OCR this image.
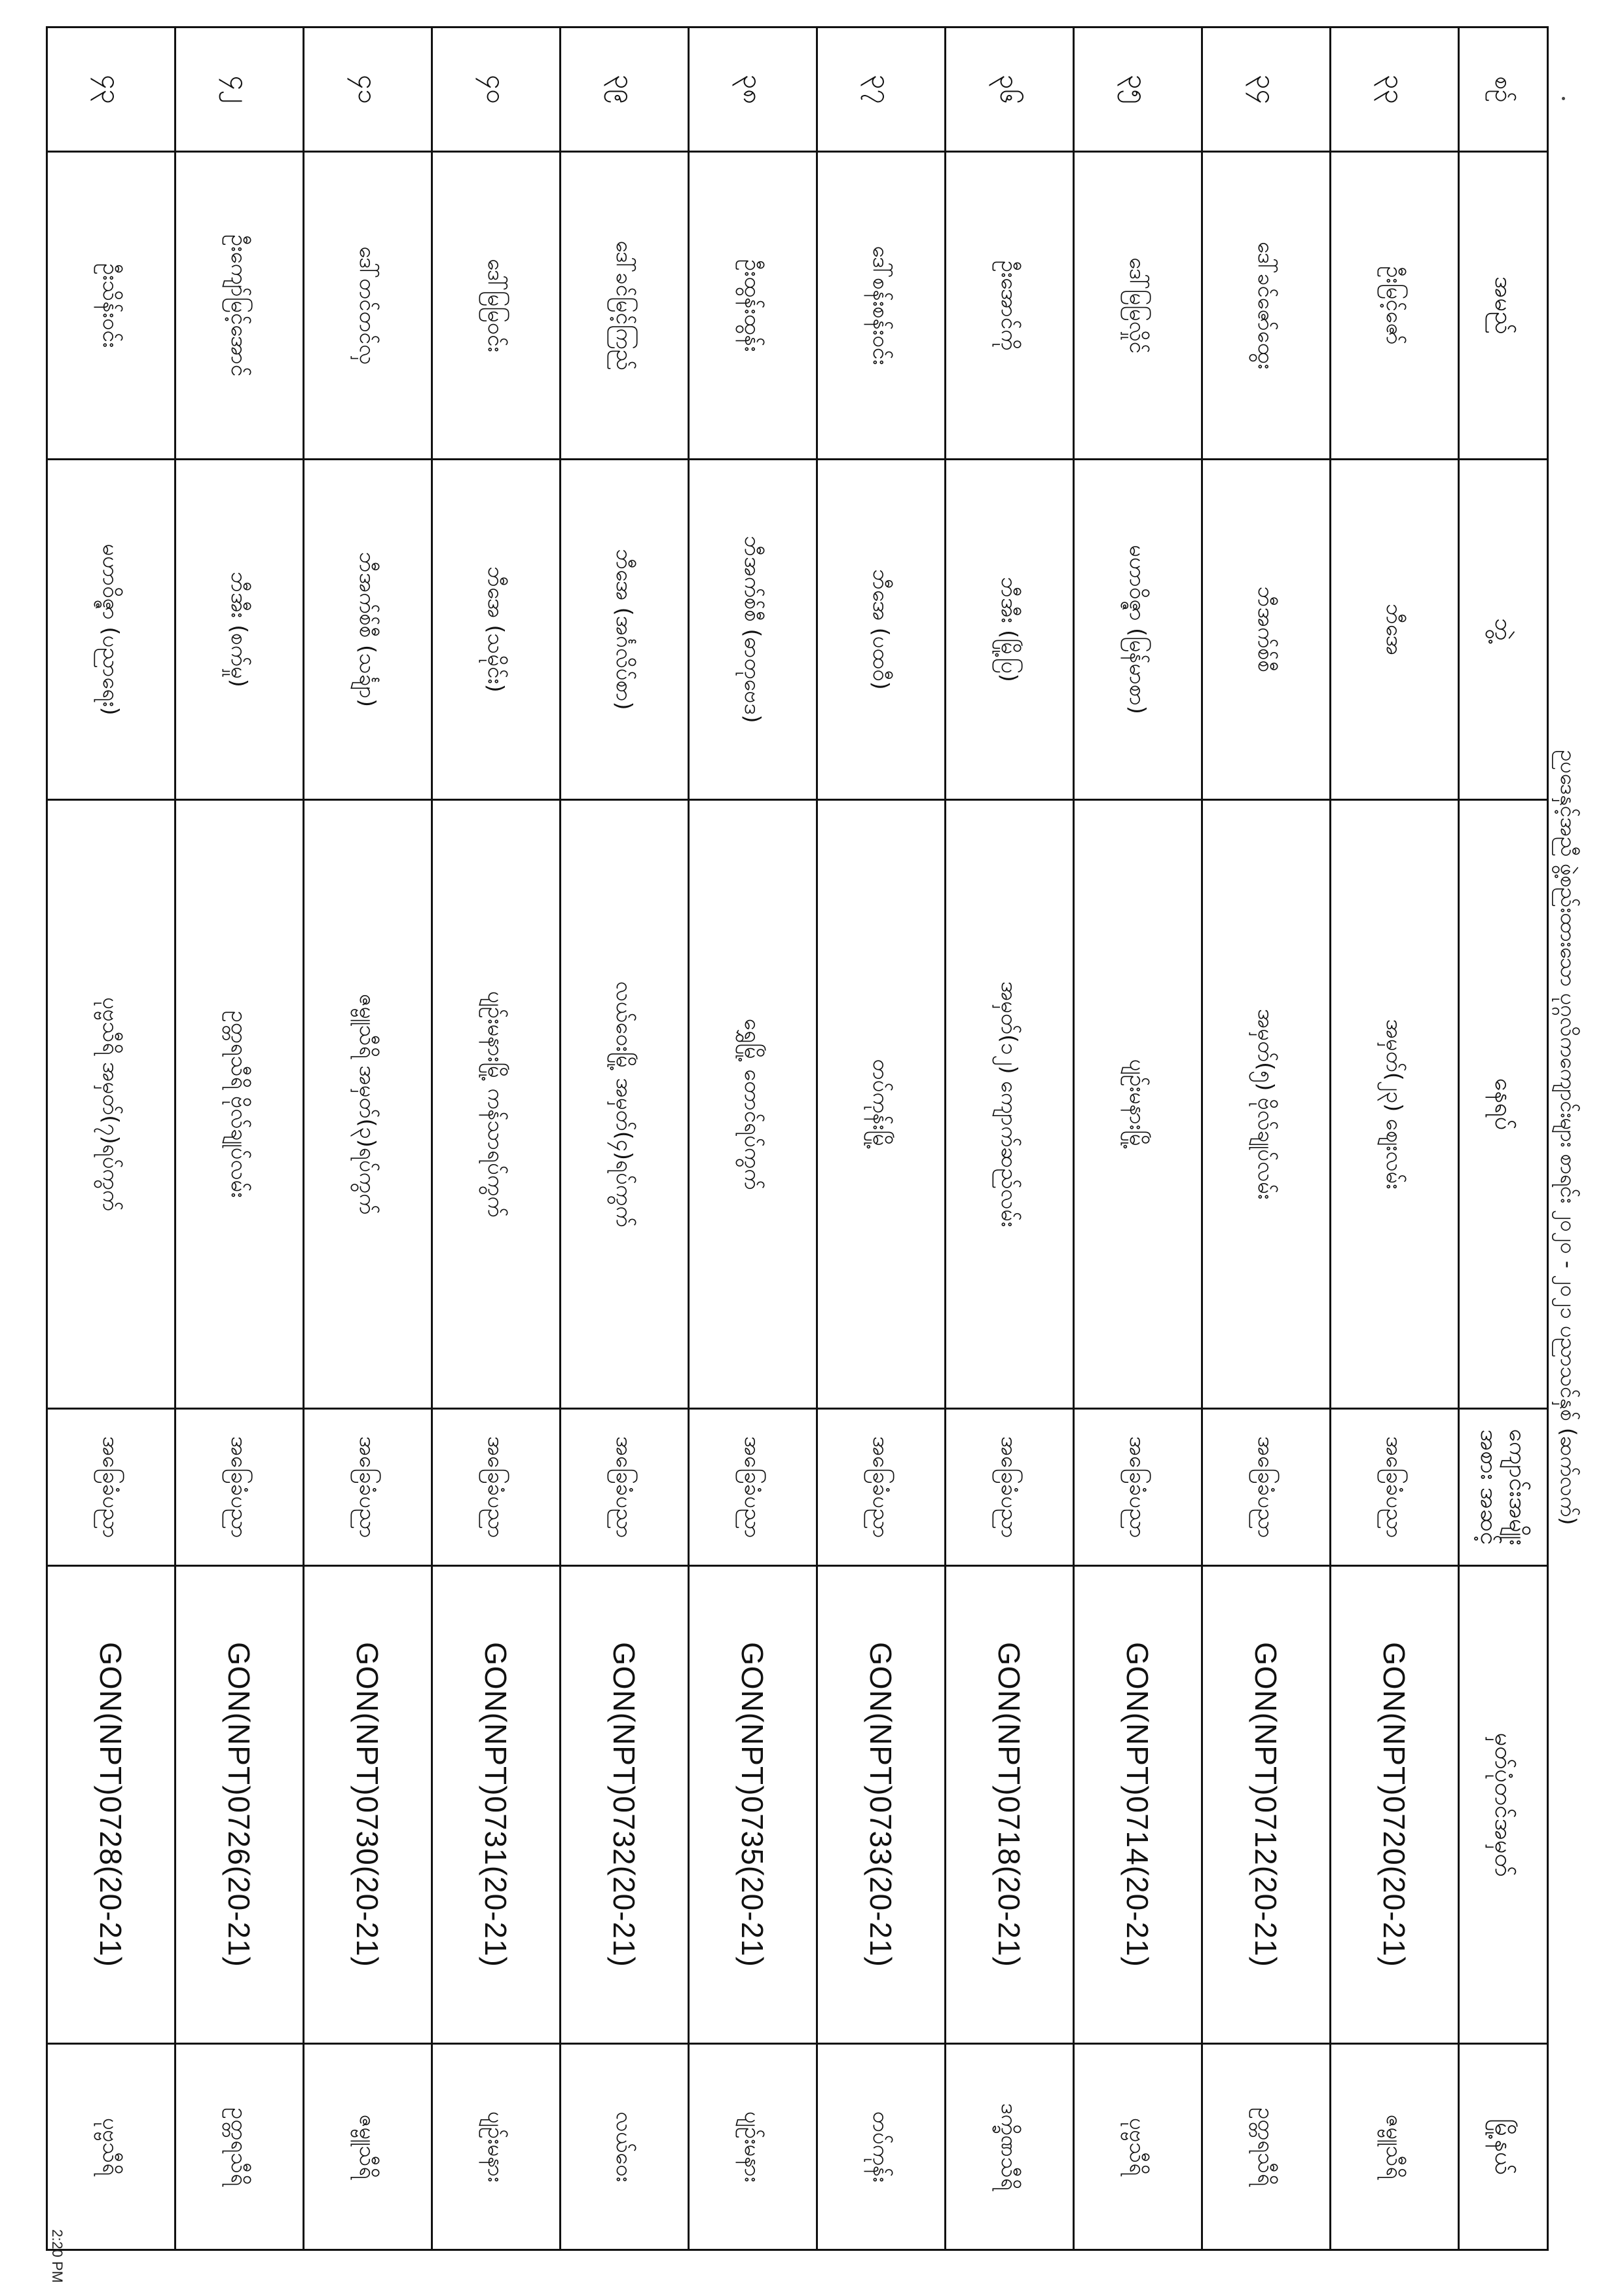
ဉပဒေနှင့်အညီ ဖွဲ့စည်းထားသော ပုဂ္ဂလိကကျောင်းများ စာရင်း ၂၀၂၀ - ၂၀၂၁ ပညာသင်နှစ် (ဆက်လက်)
စဉ်	အမည်	ဘွဲ့	နေရပ်	ကျောင်းအမျိုးအစား အဆင့်	မှတ်ပုံတင်အမှတ်	မြို့နယ်
၃၃	ဦးမြင့်ဇော်	ဘီအေ	အမှတ်(၂၃) ဈေးလမ်း	အခြေခံပညာ	GON(NPT)0720(20-21)	ဇမ္ဗူသီရိ
၃၄	ဒေါ်ခင်ဇော်ထွေး	ဘီအက်စ်စီ	အမှတ်(၅) ဗိုလ်ချုပ်လမ်း	အခြေခံပညာ	GON(NPT)0712(20-21)	ဥတ္တရသီရိ
၃၅	ဒေါ်မြမြလှိုင်	မဟာဝိဇ္ဇာ (မြန်မာစာ)	ပျဉ်းမနားမြို့	အခြေခံပညာ	GON(NPT)0714(20-21)	ပုဗ္ဗသီရိ
၃၆	ဦးအောင်ကို	ဘီအီး (မြို့ပြ)	အမှတ်(၁၂) ကျောက်ဆည်လမ်း	အခြေခံပညာ	GON(NPT)0718(20-21)	ဒက္ခိဏသီရိ
၃၇	ဒေါ်စန်းစန်းဝင်း	ဘီအေ (ပထဝီ)	တပ်ကုန်းမြို့	အခြေခံပညာ	GON(NPT)0733(20-21)	တပ်ကုန်း
၃၈	ဦးထွန်းထွန်း	ဘီအက်စ်စီ (ဓာတုဗေဒ)	ရွှေမြို့ တောင်ရပ်ကွက်	အခြေခံပညာ	GON(NPT)0735(20-21)	ပျဉ်းမနား
၃၉	ဒေါ်ခင်မြင့်ကြည်	ဘီအေ (အင်္ဂလိပ်စာ)	လယ်ဝေးမြို့ အမှတ်(၄)ရပ်ကွက်	အခြေခံပညာ	GON(NPT)0732(20-21)	လယ်ဝေး
၄၀	ဒေါ်မြမြဝင်း	ဘီအေ (သမိုင်း)	ပျဉ်းမနားမြို့ ကန်သာရပ်ကွက်	အခြေခံပညာ	GON(NPT)0731(20-21)	ပျဉ်းမနား
၄၁	ဒေါ်တင်တင်လှ	ဘီအက်စ်စီ (သင်္ချာ)	ဇမ္ဗူသီရိ အမှတ်(၃)ရပ်ကွက်	အခြေခံပညာ	GON(NPT)0730(20-21)	ဇမ္ဗူသီရိ
၄၂	ဦးကျော်မြင့်အောင်	ဘီအီး (စက်မှု)	ဥတ္တရသီရိ ဗိုလ်ချုပ်လမ်း	အခြေခံပညာ	GON(NPT)0726(20-21)	ဥတ္တရသီရိ
၄၃	ဦးသိန်းဝင်း	မဟာဝိဇ္ဇာ (ပညာရေး)	ပုဗ္ဗသီရိ အမှတ်(၇)ရပ်ကွက်	အခြေခံပညာ	GON(NPT)0728(20-21)	ပုဗ္ဗသီရိ
2:20 PM
